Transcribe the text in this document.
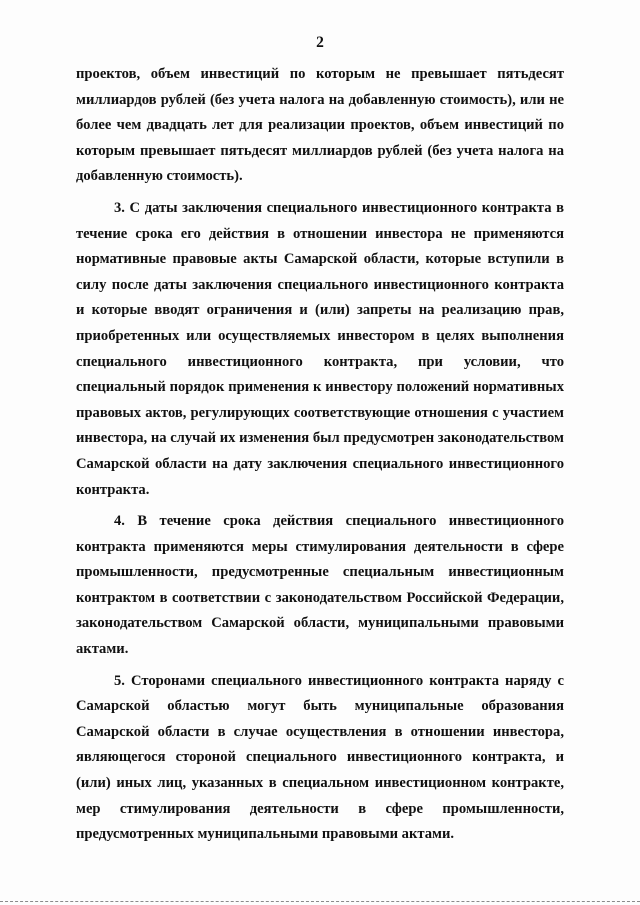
2

проектов, объем инвестиций по которым не превышает пятьдесят миллиардов рублей (без учета налога на добавленную стоимость), или не более чем двадцать лет для реализации проектов, объем инвестиций по которым превышает пятьдесят миллиардов рублей (без учета налога на добавленную стоимость).

3. С даты заключения специального инвестиционного контракта в течение срока его действия в отношении инвестора не применяются нормативные правовые акты Самарской области, которые вступили в силу после даты заключения специального инвестиционного контракта и которые вводят ограничения и (или) запреты на реализацию прав, приобретенных или осуществляемых инвестором в целях выполнения специального инвестиционного контракта, при условии, что специальный порядок применения к инвестору положений нормативных правовых актов, регулирующих соответствующие отношения с участием инвестора, на случай их изменения был предусмотрен законодательством Самарской области на дату заключения специального инвестиционного контракта.

4. В течение срока действия специального инвестиционного контракта применяются меры стимулирования деятельности в сфере промышленности, предусмотренные специальным инвестиционным контрактом в соответствии с законодательством Российской Федерации, законодательством Самарской области, муниципальными правовыми актами.

5. Сторонами специального инвестиционного контракта наряду с Самарской областью могут быть муниципальные образования Самарской области в случае осуществления в отношении инвестора, являющегося стороной специального инвестиционного контракта, и (или) иных лиц, указанных в специальном инвестиционном контракте, мер стимулирования деятельности в сфере промышленности, предусмотренных муниципальными правовыми актами.
